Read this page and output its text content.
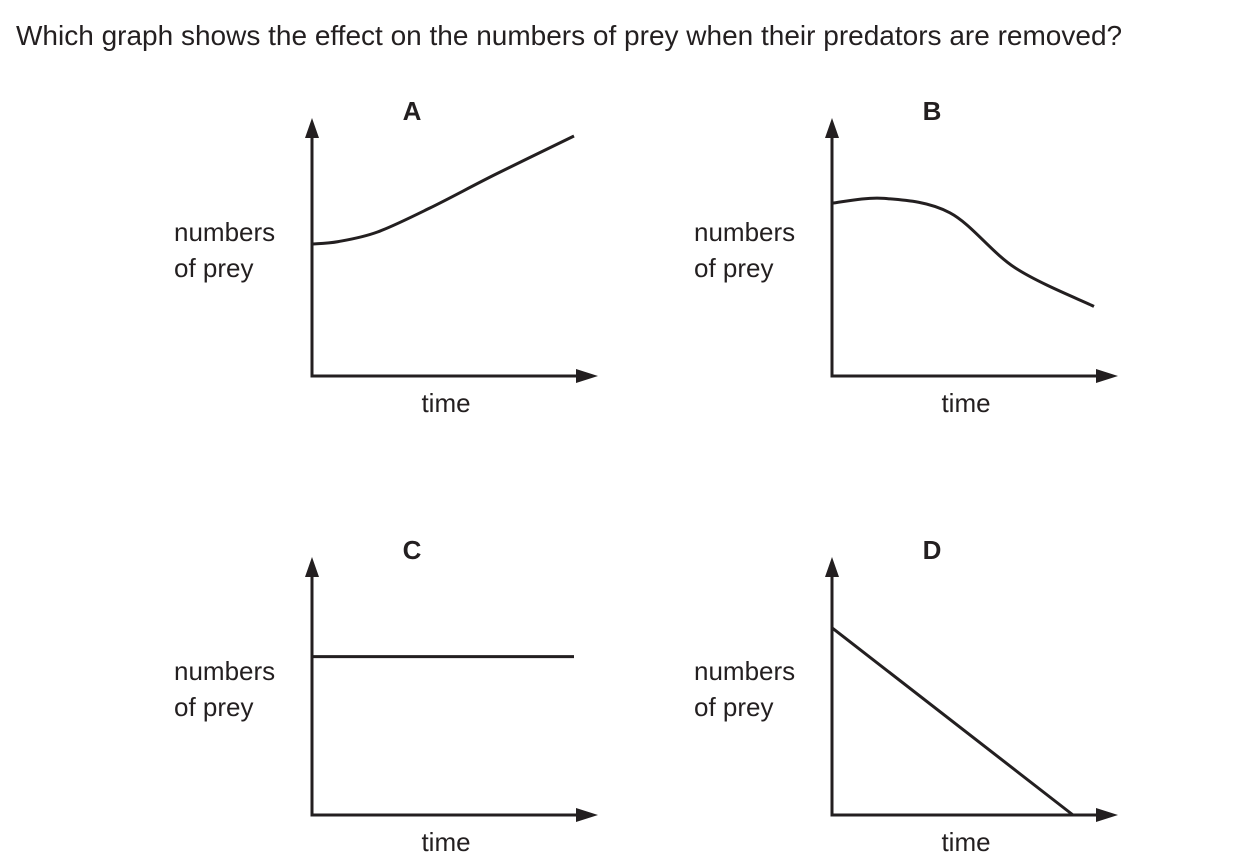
Which graph shows the effect on the numbers of prey when their predators are removed?
A
numbers
of prey
time
B
numbers
of prey
time
C
numbers
of prey
time
D
numbers
of prey
time
